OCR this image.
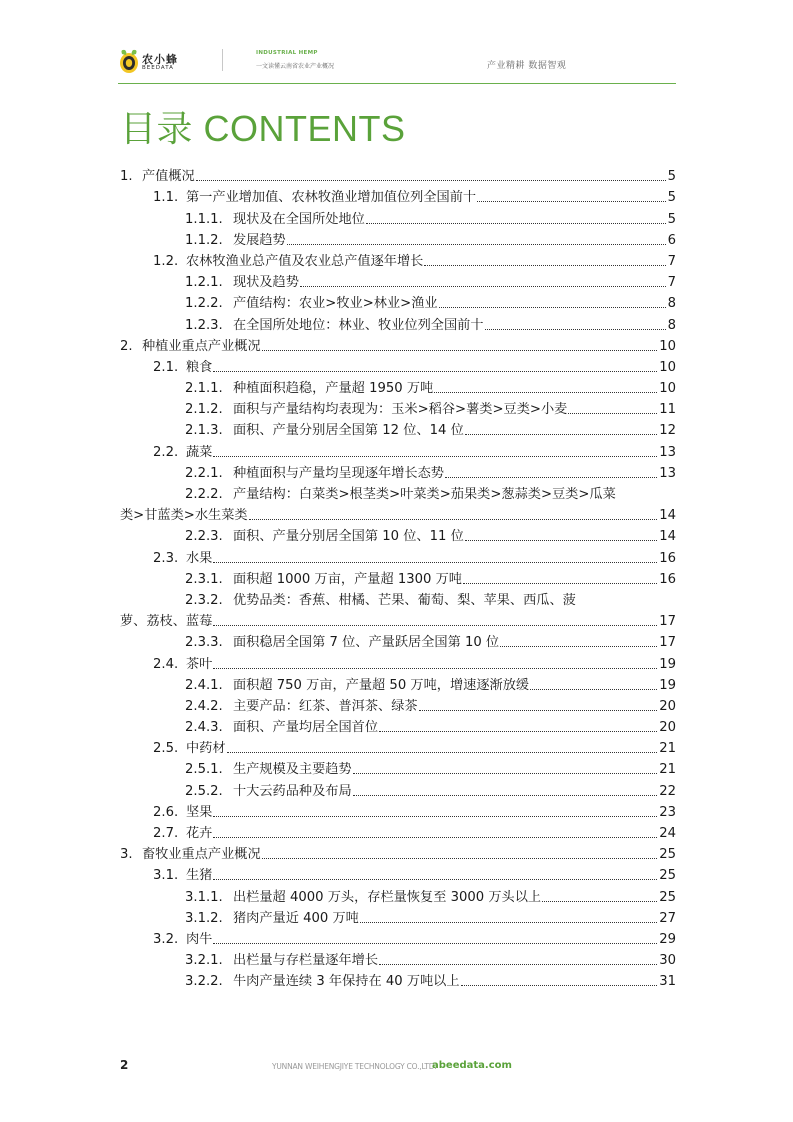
农小蜂
BEEDATA
INDUSTRIAL HEMP
一文读懂云南省农业产业概况	产业精耕 数据智观
目录 CONTENTS
1. 产值概况	5
1.1. 第一产业增加值、农林牧渔业增加值位列全国前十	5
1.1.1. 现状及在全国所处地位	5
1.1.2. 发展趋势	6
1.2. 农林牧渔业总产值及农业总产值逐年增长	7
1.2.1. 现状及趋势	7
1.2.2. 产值结构：农业>牧业>林业>渔业	8
1.2.3. 在全国所处地位：林业、牧业位列全国前十	8
2. 种植业重点产业概况	10
2.1. 粮食	10
2.1.1. 种植面积趋稳，产量超 1950 万吨	10
2.1.2. 面积与产量结构均表现为：玉米>稻谷>薯类>豆类>小麦	11
2.1.3. 面积、产量分别居全国第 12 位、14 位	12
2.2. 蔬菜	13
2.2.1. 种植面积与产量均呈现逐年增长态势	13
2.2.2. 产量结构：白菜类>根茎类>叶菜类>茄果类>葱蒜类>豆类>瓜菜
类>甘蓝类>水生菜类	14
2.2.3. 面积、产量分别居全国第 10 位、11 位	14
2.3. 水果	16
2.3.1. 面积超 1000 万亩，产量超 1300 万吨	16
2.3.2. 优势品类：香蕉、柑橘、芒果、葡萄、梨、苹果、西瓜、菠
萝、荔枝、蓝莓	17
2.3.3. 面积稳居全国第 7 位、产量跃居全国第 10 位	17
2.4. 茶叶	19
2.4.1. 面积超 750 万亩，产量超 50 万吨，增速逐渐放缓	19
2.4.2. 主要产品：红茶、普洱茶、绿茶	20
2.4.3. 面积、产量均居全国首位	20
2.5. 中药材	21
2.5.1. 生产规模及主要趋势	21
2.5.2. 十大云药品种及布局	22
2.6. 坚果	23
2.7. 花卉	24
3. 畜牧业重点产业概况	25
3.1. 生猪	25
3.1.1. 出栏量超 4000 万头，存栏量恢复至 3000 万头以上	25
3.1.2. 猪肉产量近 400 万吨	27
3.2. 肉牛	29
3.2.1. 出栏量与存栏量逐年增长	30
3.2.2. 牛肉产量连续 3 年保持在 40 万吨以上	31
2	YUNNAN WEIHENGJIYE TECHNOLOGY CO.,LTD.
abeedata.com
